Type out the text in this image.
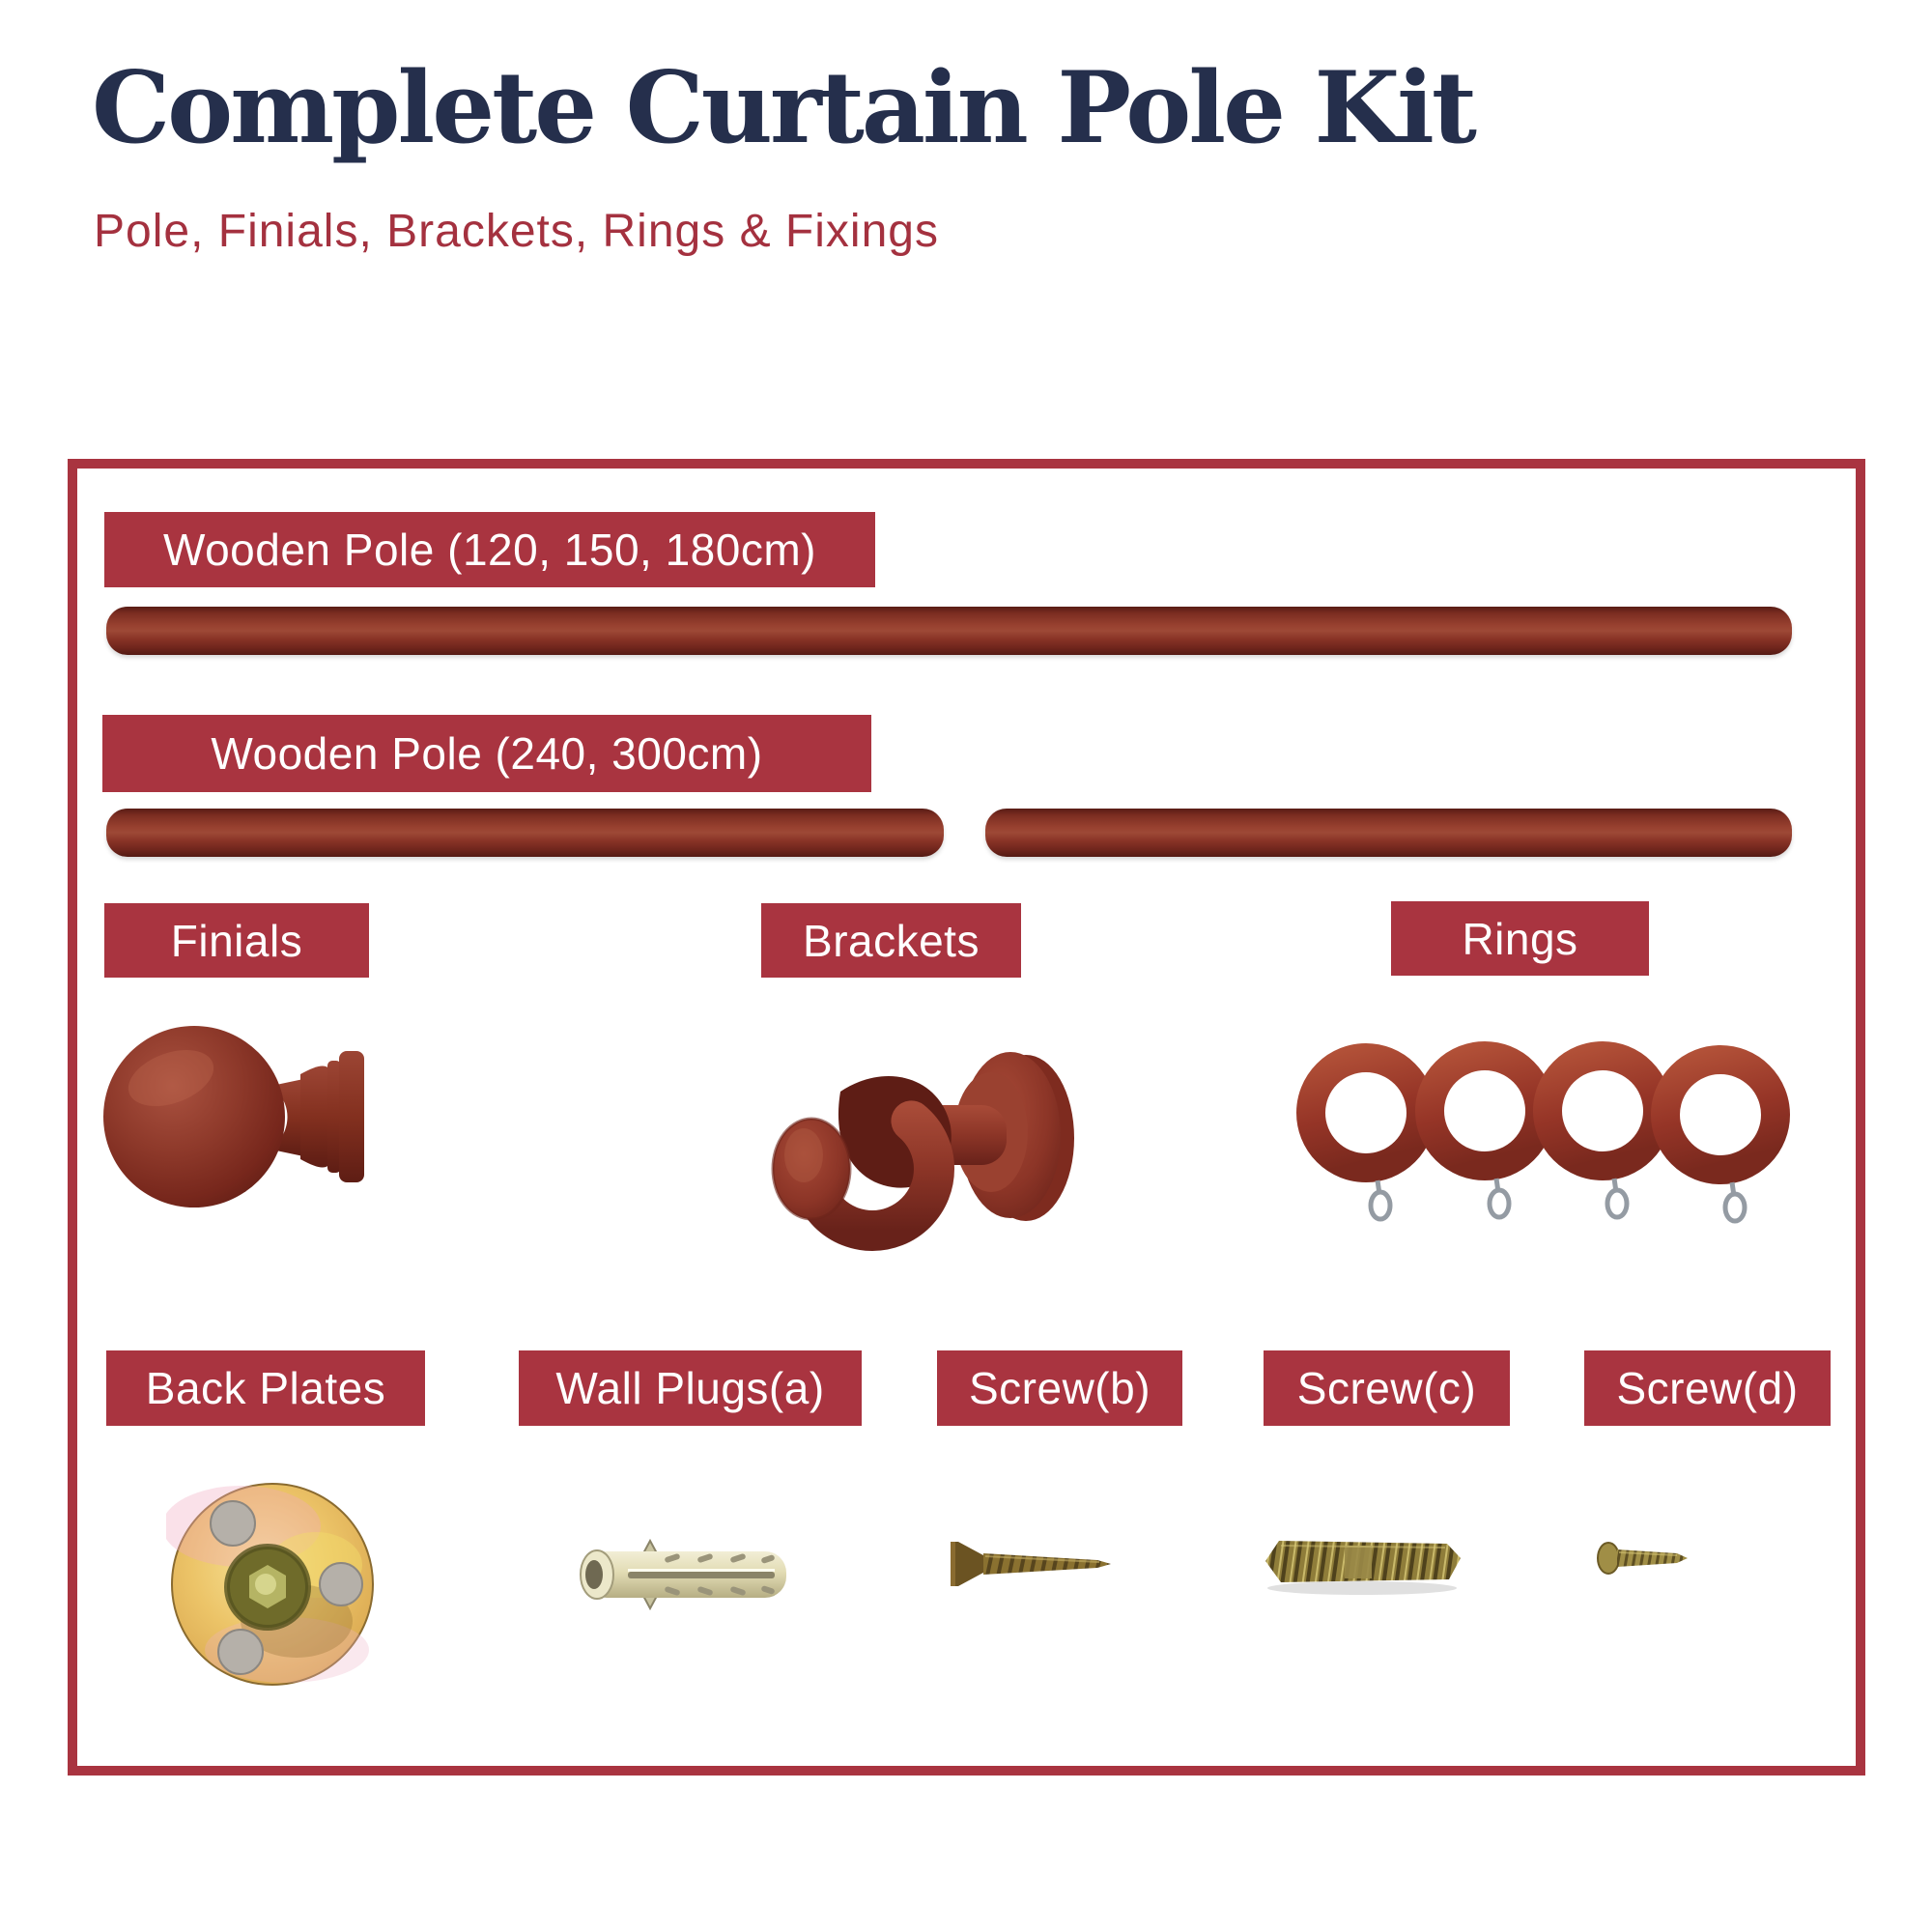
Complete Curtain Pole Kit

Pole, Finials, Brackets, Rings & Fixings

Wooden Pole (120, 150, 180cm)
Wooden Pole (240, 300cm)
Finials	Brackets	Rings
Back Plates	Wall Plugs(a)	Screw(b)	Screw(c)	Screw(d)
